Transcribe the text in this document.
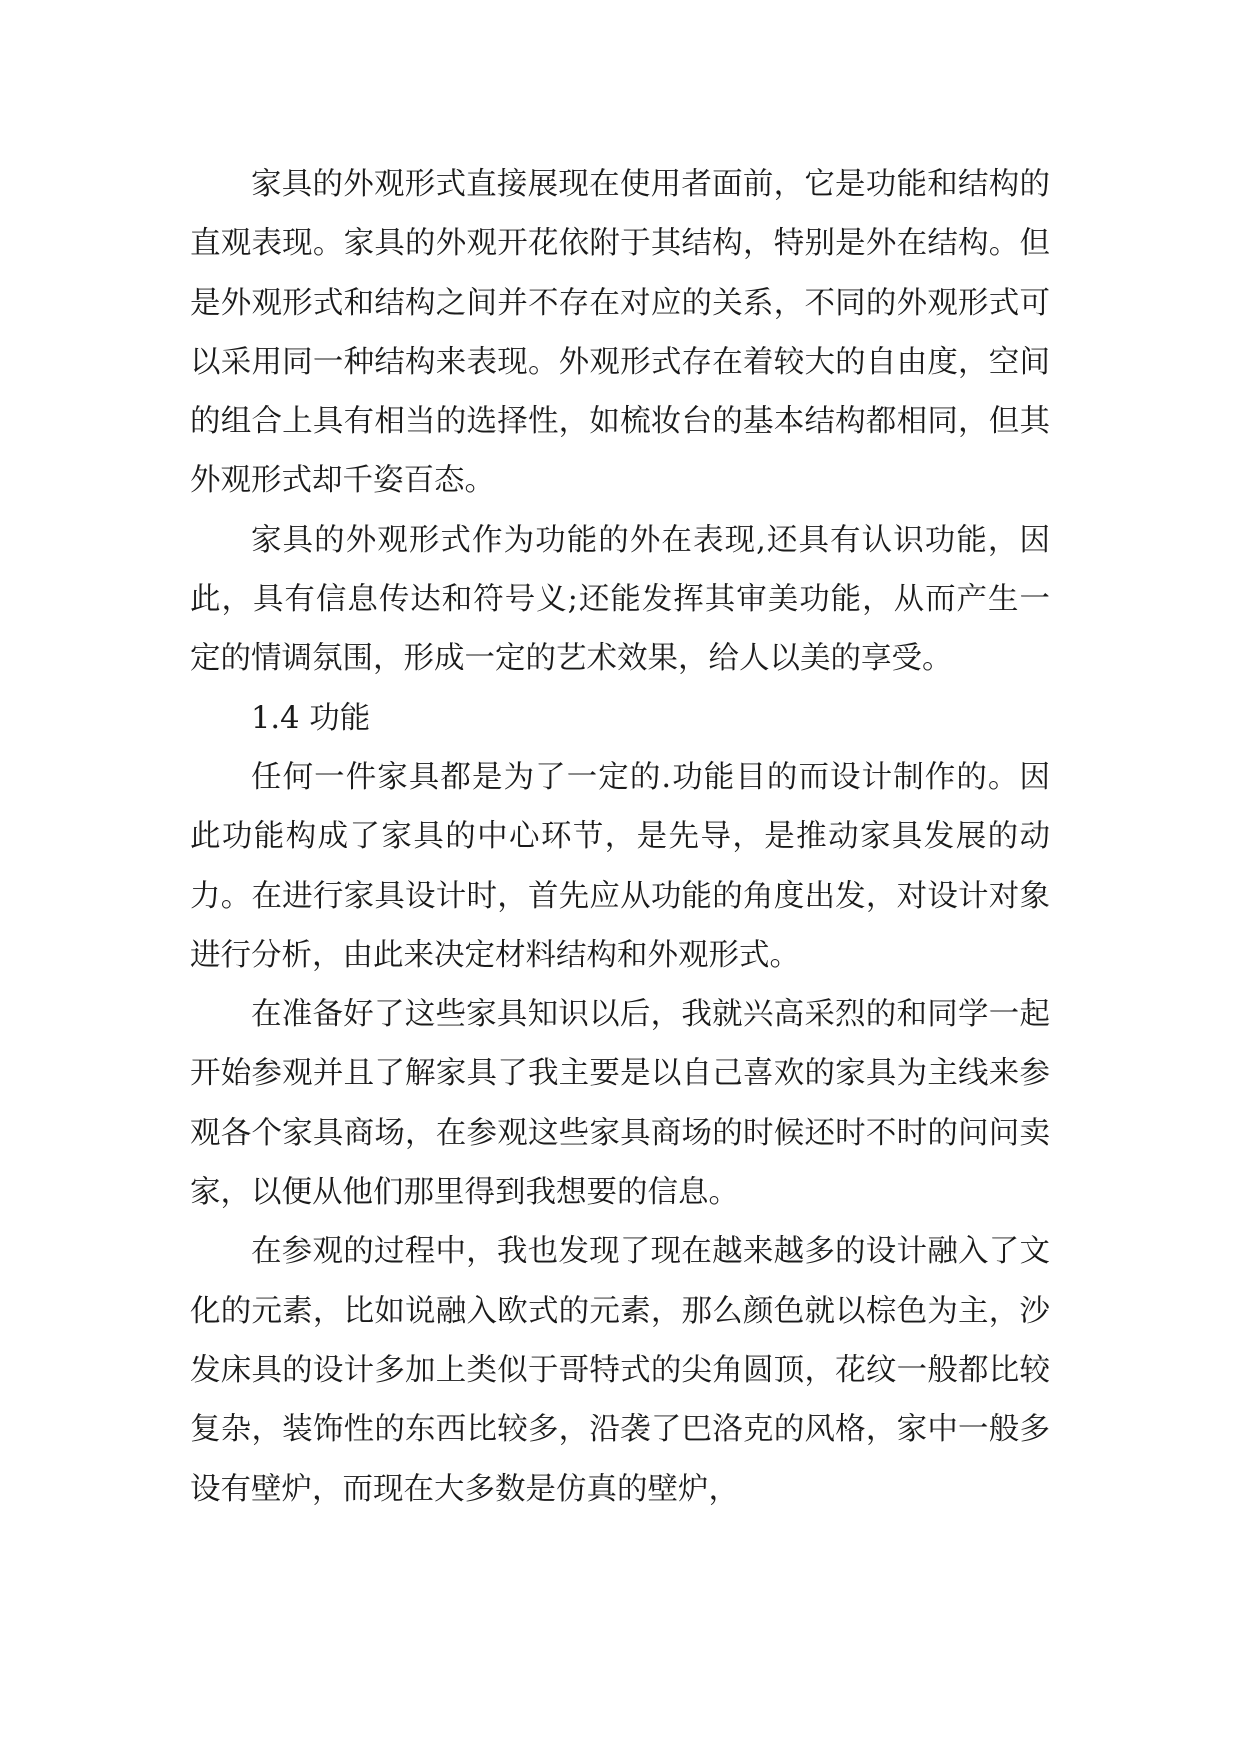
家具的外观形式直接展现在使用者面前，它是功能和结构的直观表现。家具的外观开花依附于其结构，特别是外在结构。但是外观形式和结构之间并不存在对应的关系，不同的外观形式可以采用同一种结构来表现。外观形式存在着较大的自由度，空间的组合上具有相当的选择性，如梳妆台的基本结构都相同，但其外观形式却千姿百态。

家具的外观形式作为功能的外在表现,还具有认识功能，因此，具有信息传达和符号义;还能发挥其审美功能，从而产生一定的情调氛围，形成一定的艺术效果，给人以美的享受。

1.4 功能

任何一件家具都是为了一定的.功能目的而设计制作的。因此功能构成了家具的中心环节，是先导，是推动家具发展的动力。在进行家具设计时，首先应从功能的角度出发，对设计对象进行分析，由此来决定材料结构和外观形式。

在准备好了这些家具知识以后，我就兴高采烈的和同学一起开始参观并且了解家具了我主要是以自己喜欢的家具为主线来参观各个家具商场，在参观这些家具商场的时候还时不时的问问卖家，以便从他们那里得到我想要的信息。

在参观的过程中，我也发现了现在越来越多的设计融入了文化的元素，比如说融入欧式的元素，那么颜色就以棕色为主，沙发床具的设计多加上类似于哥特式的尖角圆顶，花纹一般都比较复杂，装饰性的东西比较多，沿袭了巴洛克的风格，家中一般多设有壁炉，而现在大多数是仿真的壁炉，
